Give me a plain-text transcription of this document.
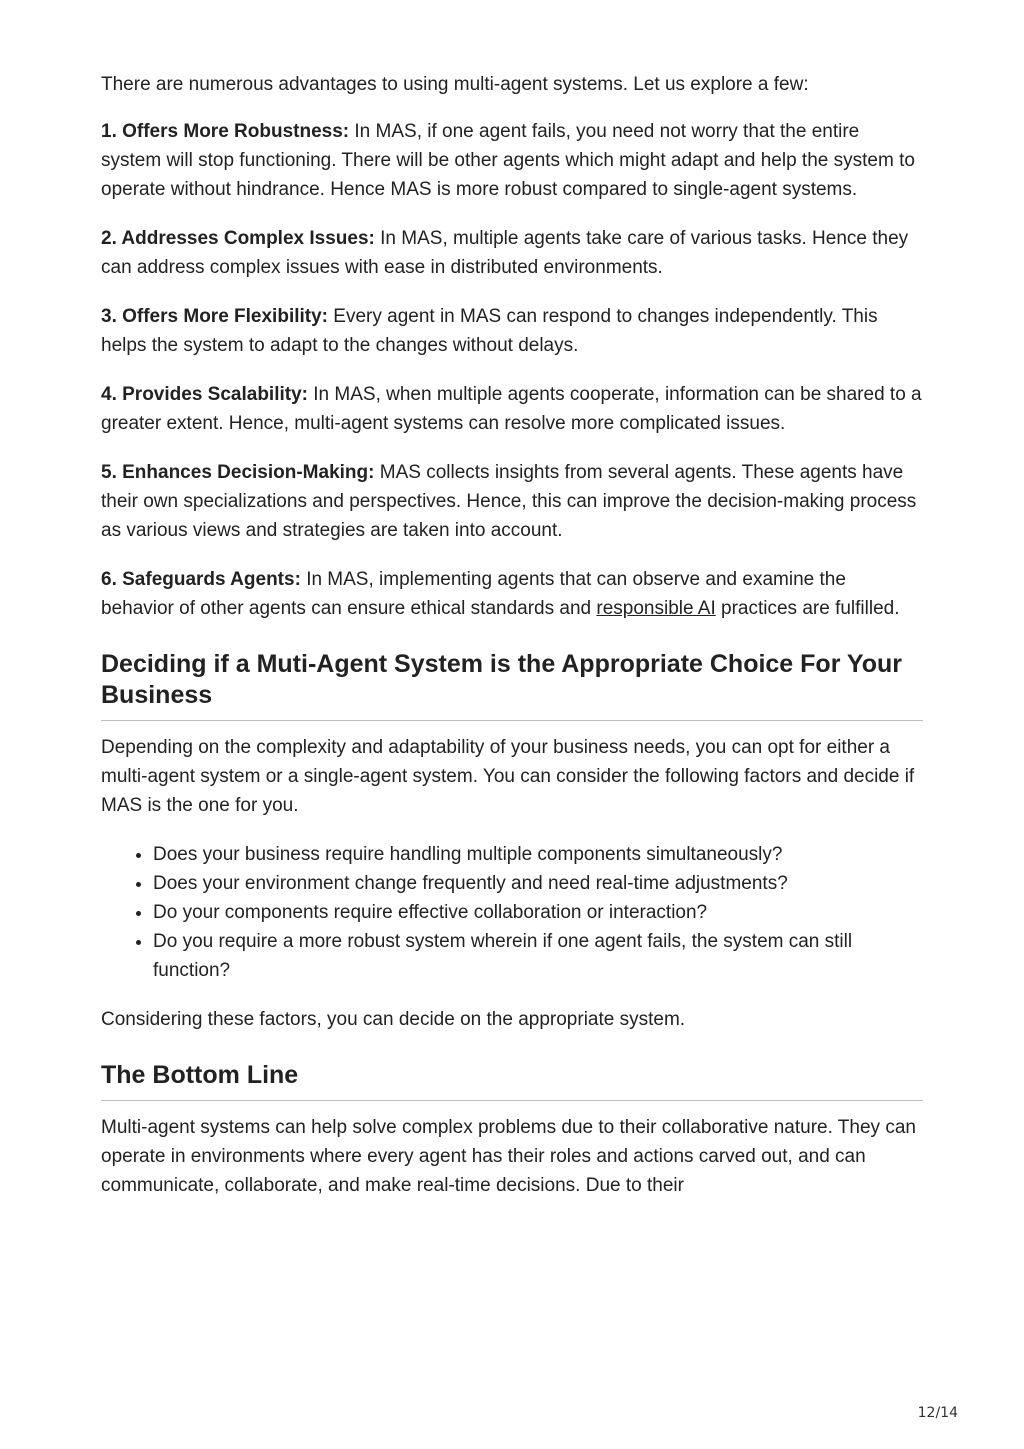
There are numerous advantages to using multi-agent systems. Let us explore a few:

1. Offers More Robustness: In MAS, if one agent fails, you need not worry that the entire system will stop functioning. There will be other agents which might adapt and help the system to operate without hindrance. Hence MAS is more robust compared to single-agent systems.

2. Addresses Complex Issues: In MAS, multiple agents take care of various tasks. Hence they can address complex issues with ease in distributed environments.

3. Offers More Flexibility: Every agent in MAS can respond to changes independently. This helps the system to adapt to the changes without delays.

4. Provides Scalability: In MAS, when multiple agents cooperate, information can be shared to a greater extent. Hence, multi-agent systems can resolve more complicated issues.

5. Enhances Decision-Making: MAS collects insights from several agents. These agents have their own specializations and perspectives. Hence, this can improve the decision-making process as various views and strategies are taken into account.

6. Safeguards Agents: In MAS, implementing agents that can observe and examine the behavior of other agents can ensure ethical standards and responsible AI practices are fulfilled.

Deciding if a Muti-Agent System is the Appropriate Choice For Your Business

Depending on the complexity and adaptability of your business needs, you can opt for either a multi-agent system or a single-agent system. You can consider the following factors and decide if MAS is the one for you.

• Does your business require handling multiple components simultaneously?
• Does your environment change frequently and need real-time adjustments?
• Do your components require effective collaboration or interaction?
• Do you require a more robust system wherein if one agent fails, the system can still function?

Considering these factors, you can decide on the appropriate system.

The Bottom Line

Multi-agent systems can help solve complex problems due to their collaborative nature. They can operate in environments where every agent has their roles and actions carved out, and can communicate, collaborate, and make real-time decisions. Due to their

12/14
